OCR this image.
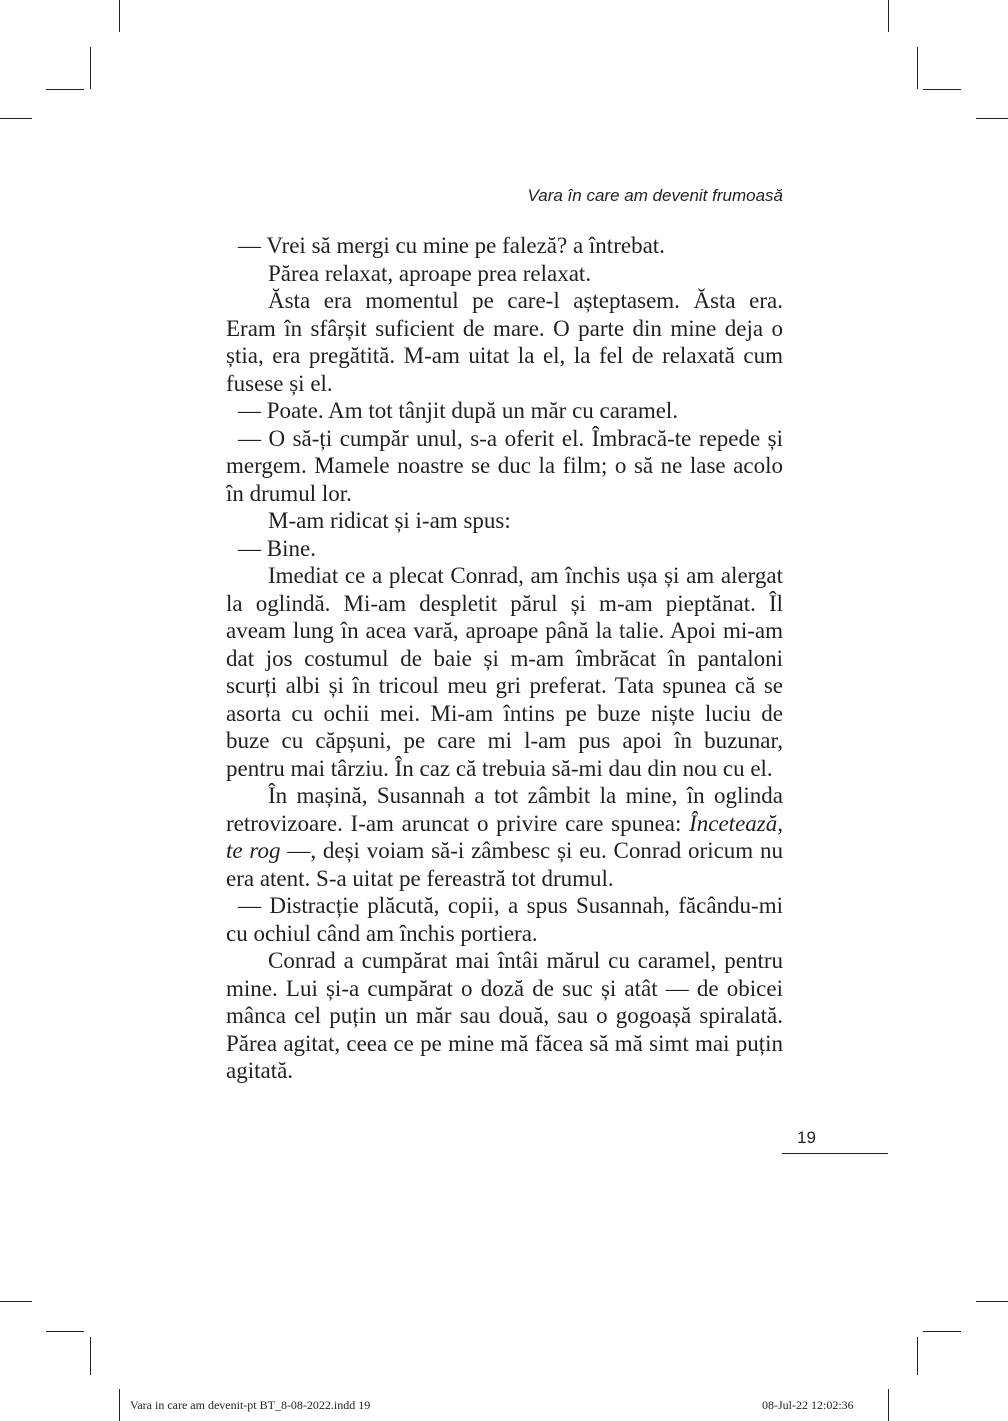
Vara în care am devenit frumoasă

— Vrei să mergi cu mine pe faleză? a întrebat.

Părea relaxat, aproape prea relaxat.

Ăsta era momentul pe care-l așteptasem. Ăsta era. Eram în sfârșit suficient de mare. O parte din mine deja o știa, era pregătită. M-am uitat la el, la fel de relaxată cum fusese și el.

— Poate. Am tot tânjit după un măr cu caramel.

— O să-ți cumpăr unul, s-a oferit el. Îmbracă-te repede și mergem. Mamele noastre se duc la film; o să ne lase acolo în drumul lor.

M-am ridicat și i-am spus:

— Bine.

Imediat ce a plecat Conrad, am închis ușa și am alergat la oglindă. Mi-am despletit părul și m-am pieptănat. Îl aveam lung în acea vară, aproape până la talie. Apoi mi-am dat jos costumul de baie și m-am îmbrăcat în pantaloni scurți albi și în tricoul meu gri preferat. Tata spunea că se asorta cu ochii mei. Mi-am întins pe buze niște luciu de buze cu căpșuni, pe care mi l-am pus apoi în buzunar, pentru mai târziu. În caz că trebuia să-mi dau din nou cu el.

În mașină, Susannah a tot zâmbit la mine, în oglinda retrovizoare. I-am aruncat o privire care spunea: Încetează, te rog —, deși voiam să-i zâmbesc și eu. Conrad oricum nu era atent. S-a uitat pe fereastră tot drumul.

— Distracție plăcută, copii, a spus Susannah, făcându-mi cu ochiul când am închis portiera.

Conrad a cumpărat mai întâi mărul cu caramel, pentru mine. Lui și-a cumpărat o doză de suc și atât — de obicei mânca cel puțin un măr sau două, sau o gogoașă spiralată. Părea agitat, ceea ce pe mine mă făcea să mă simt mai puțin agitată.

19
Vara in care am devenit-pt BT_8-08-2022.indd 19	08-Jul-22 12:02:36
